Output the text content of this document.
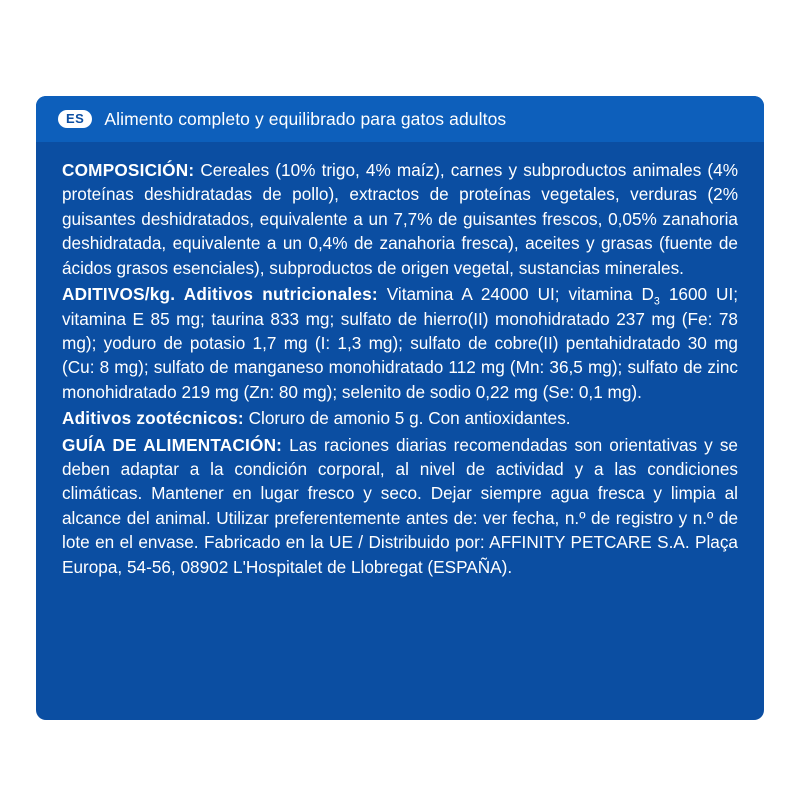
ES	Alimento completo y equilibrado para gatos adultos

COMPOSICIÓN: Cereales (10% trigo, 4% maíz), carnes y subproductos animales (4% proteínas deshidratadas de pollo), extractos de proteínas vegetales, verduras (2% guisantes deshidratados, equivalente a un 7,7% de guisantes frescos, 0,05% zanahoria deshidratada, equivalente a un 0,4% de zanahoria fresca), aceites y grasas (fuente de ácidos grasos esenciales), subproductos de origen vegetal, sustancias minerales.

ADITIVOS/kg. Aditivos nutricionales: Vitamina A 24000 UI; vitamina $D_3$ 1600 UI; vitamina E 85 mg; taurina 833 mg; sulfato de hierro(II) monohidratado 237 mg (Fe: 78 mg); yoduro de potasio 1,7 mg (I: 1,3 mg); sulfato de cobre(II) pentahidratado 30 mg (Cu: 8 mg); sulfato de manganeso monohidratado 112 mg (Mn: 36,5 mg); sulfato de zinc monohidratado 219 mg (Zn: 80 mg); selenito de sodio 0,22 mg (Se: 0,1 mg).

Aditivos zootécnicos: Cloruro de amonio 5 g. Con antioxidantes.

GUÍA DE ALIMENTACIÓN: Las raciones diarias recomendadas son orientativas y se deben adaptar a la condición corporal, al nivel de actividad y a las condiciones climáticas. Mantener en lugar fresco y seco. Dejar siempre agua fresca y limpia al alcance del animal. Utilizar preferentemente antes de: ver fecha, n.º de registro y n.º de lote en el envase. Fabricado en la UE / Distribuido por: AFFINITY PETCARE S.A. Plaça Europa, 54-56, 08902 L'Hospitalet de Llobregat (ESPAÑA).
